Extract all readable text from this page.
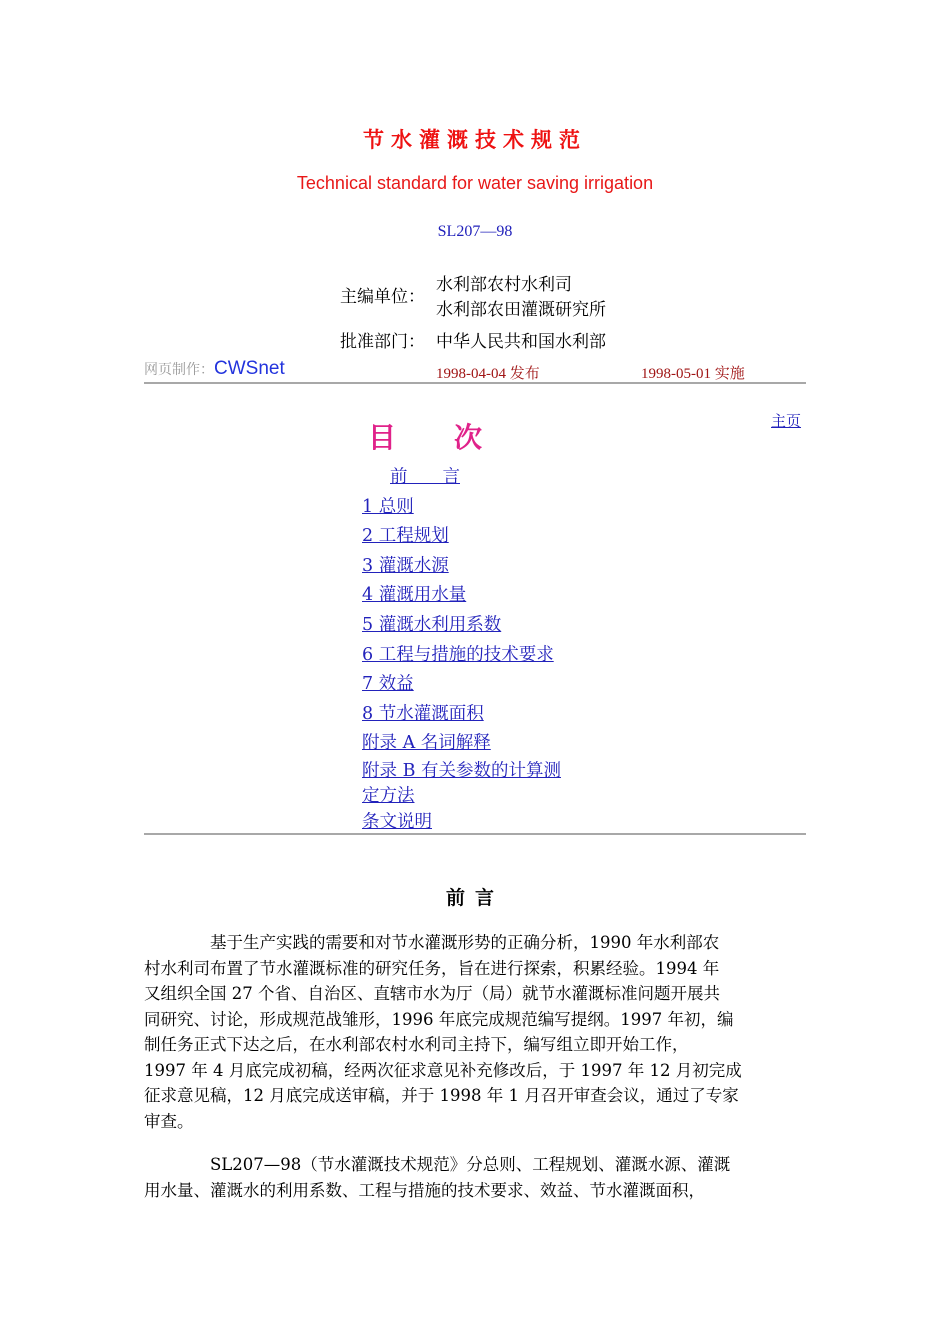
节水灌溉技术规范
Technical standard for water saving irrigation
SL207—98
主编单位：
水利部农村水利司
水利部农田灌溉研究所
批准部门： 中华人民共和国水利部
网页制作：CWSnet	1998-04-04 发布	1998-05-01 实施
主页
目 次
前　　言
1 总则
2 工程规划
3 灌溉水源
4 灌溉用水量
5 灌溉水利用系数
6 工程与措施的技术要求
7 效益
8 节水灌溉面积
附录 A 名词解释
附录 B 有关参数的计算测
定方法
条文说明
前言

基于生产实践的需要和对节水灌溉形势的正确分析，1990 年水利部农
村水利司布置了节水灌溉标准的研究任务，旨在进行探索，积累经验。1994 年
又组织全国 27 个省、自治区、直辖市水为厅（局）就节水灌溉标准问题开展共
同研究、讨论，形成规范战雏形，1996 年底完成规范编写提纲。1997 年初，编
制任务正式下达之后，在水利部农村水利司主持下，编写组立即开始工作，
1997 年 4 月底完成初稿，经两次征求意见补充修改后，于 1997 年 12 月初完成
征求意见稿，12 月底完成送审稿，并于 1998 年 1 月召开审查会议，通过了专家
审查。

SL207—98（节水灌溉技术规范》分总则、工程规划、灌溉水源、灌溉
用水量、灌溉水的利用系数、工程与措施的技术要求、效益、节水灌溉面积，
